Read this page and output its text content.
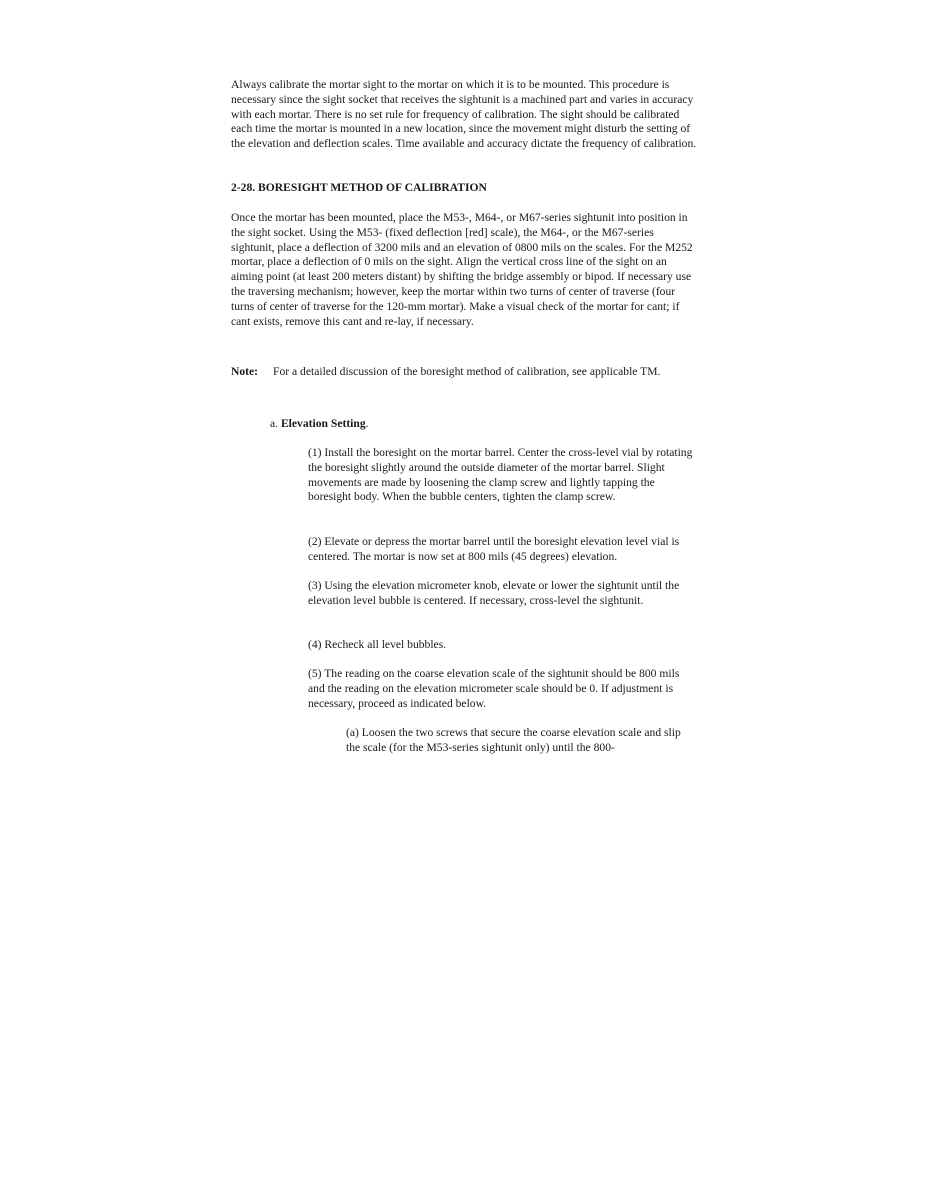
Always calibrate the mortar sight to the mortar on which it is to be mounted. This procedure is necessary since the sight socket that receives the sightunit is a machined part and varies in accuracy with each mortar. There is no set rule for frequency of calibration. The sight should be calibrated each time the mortar is mounted in a new location, since the movement might disturb the setting of the elevation and deflection scales. Time available and accuracy dictate the frequency of calibration.

2-28. BORESIGHT METHOD OF CALIBRATION

Once the mortar has been mounted, place the M53-, M64-, or M67-series sightunit into position in the sight socket. Using the M53- (fixed deflection [red] scale), the M64-, or the M67-series sightunit, place a deflection of 3200 mils and an elevation of 0800 mils on the scales. For the M252 mortar, place a deflection of 0 mils on the sight. Align the vertical cross line of the sight on an aiming point (at least 200 meters distant) by shifting the bridge assembly or bipod. If necessary use the traversing mechanism; however, keep the mortar within two turns of center of traverse (four turns of center of traverse for the 120-mm mortar). Make a visual check of the mortar for cant; if cant exists, remove this cant and re-lay, if necessary.

Note: For a detailed discussion of the boresight method of calibration, see applicable TM.
a. Elevation Setting.

(1) Install the boresight on the mortar barrel. Center the cross-level vial by rotating the boresight slightly around the outside diameter of the mortar barrel. Slight movements are made by loosening the clamp screw and lightly tapping the boresight body. When the bubble centers, tighten the clamp screw.

(2) Elevate or depress the mortar barrel until the boresight elevation level vial is centered. The mortar is now set at 800 mils (45 degrees) elevation.

(3) Using the elevation micrometer knob, elevate or lower the sightunit until the elevation level bubble is centered. If necessary, cross-level the sightunit.

(4) Recheck all level bubbles.

(5) The reading on the coarse elevation scale of the sightunit should be 800 mils and the reading on the elevation micrometer scale should be 0. If adjustment is necessary, proceed as indicated below.

(a) Loosen the two screws that secure the coarse elevation scale and slip the scale (for the M53-series sightunit only) until the 800-
